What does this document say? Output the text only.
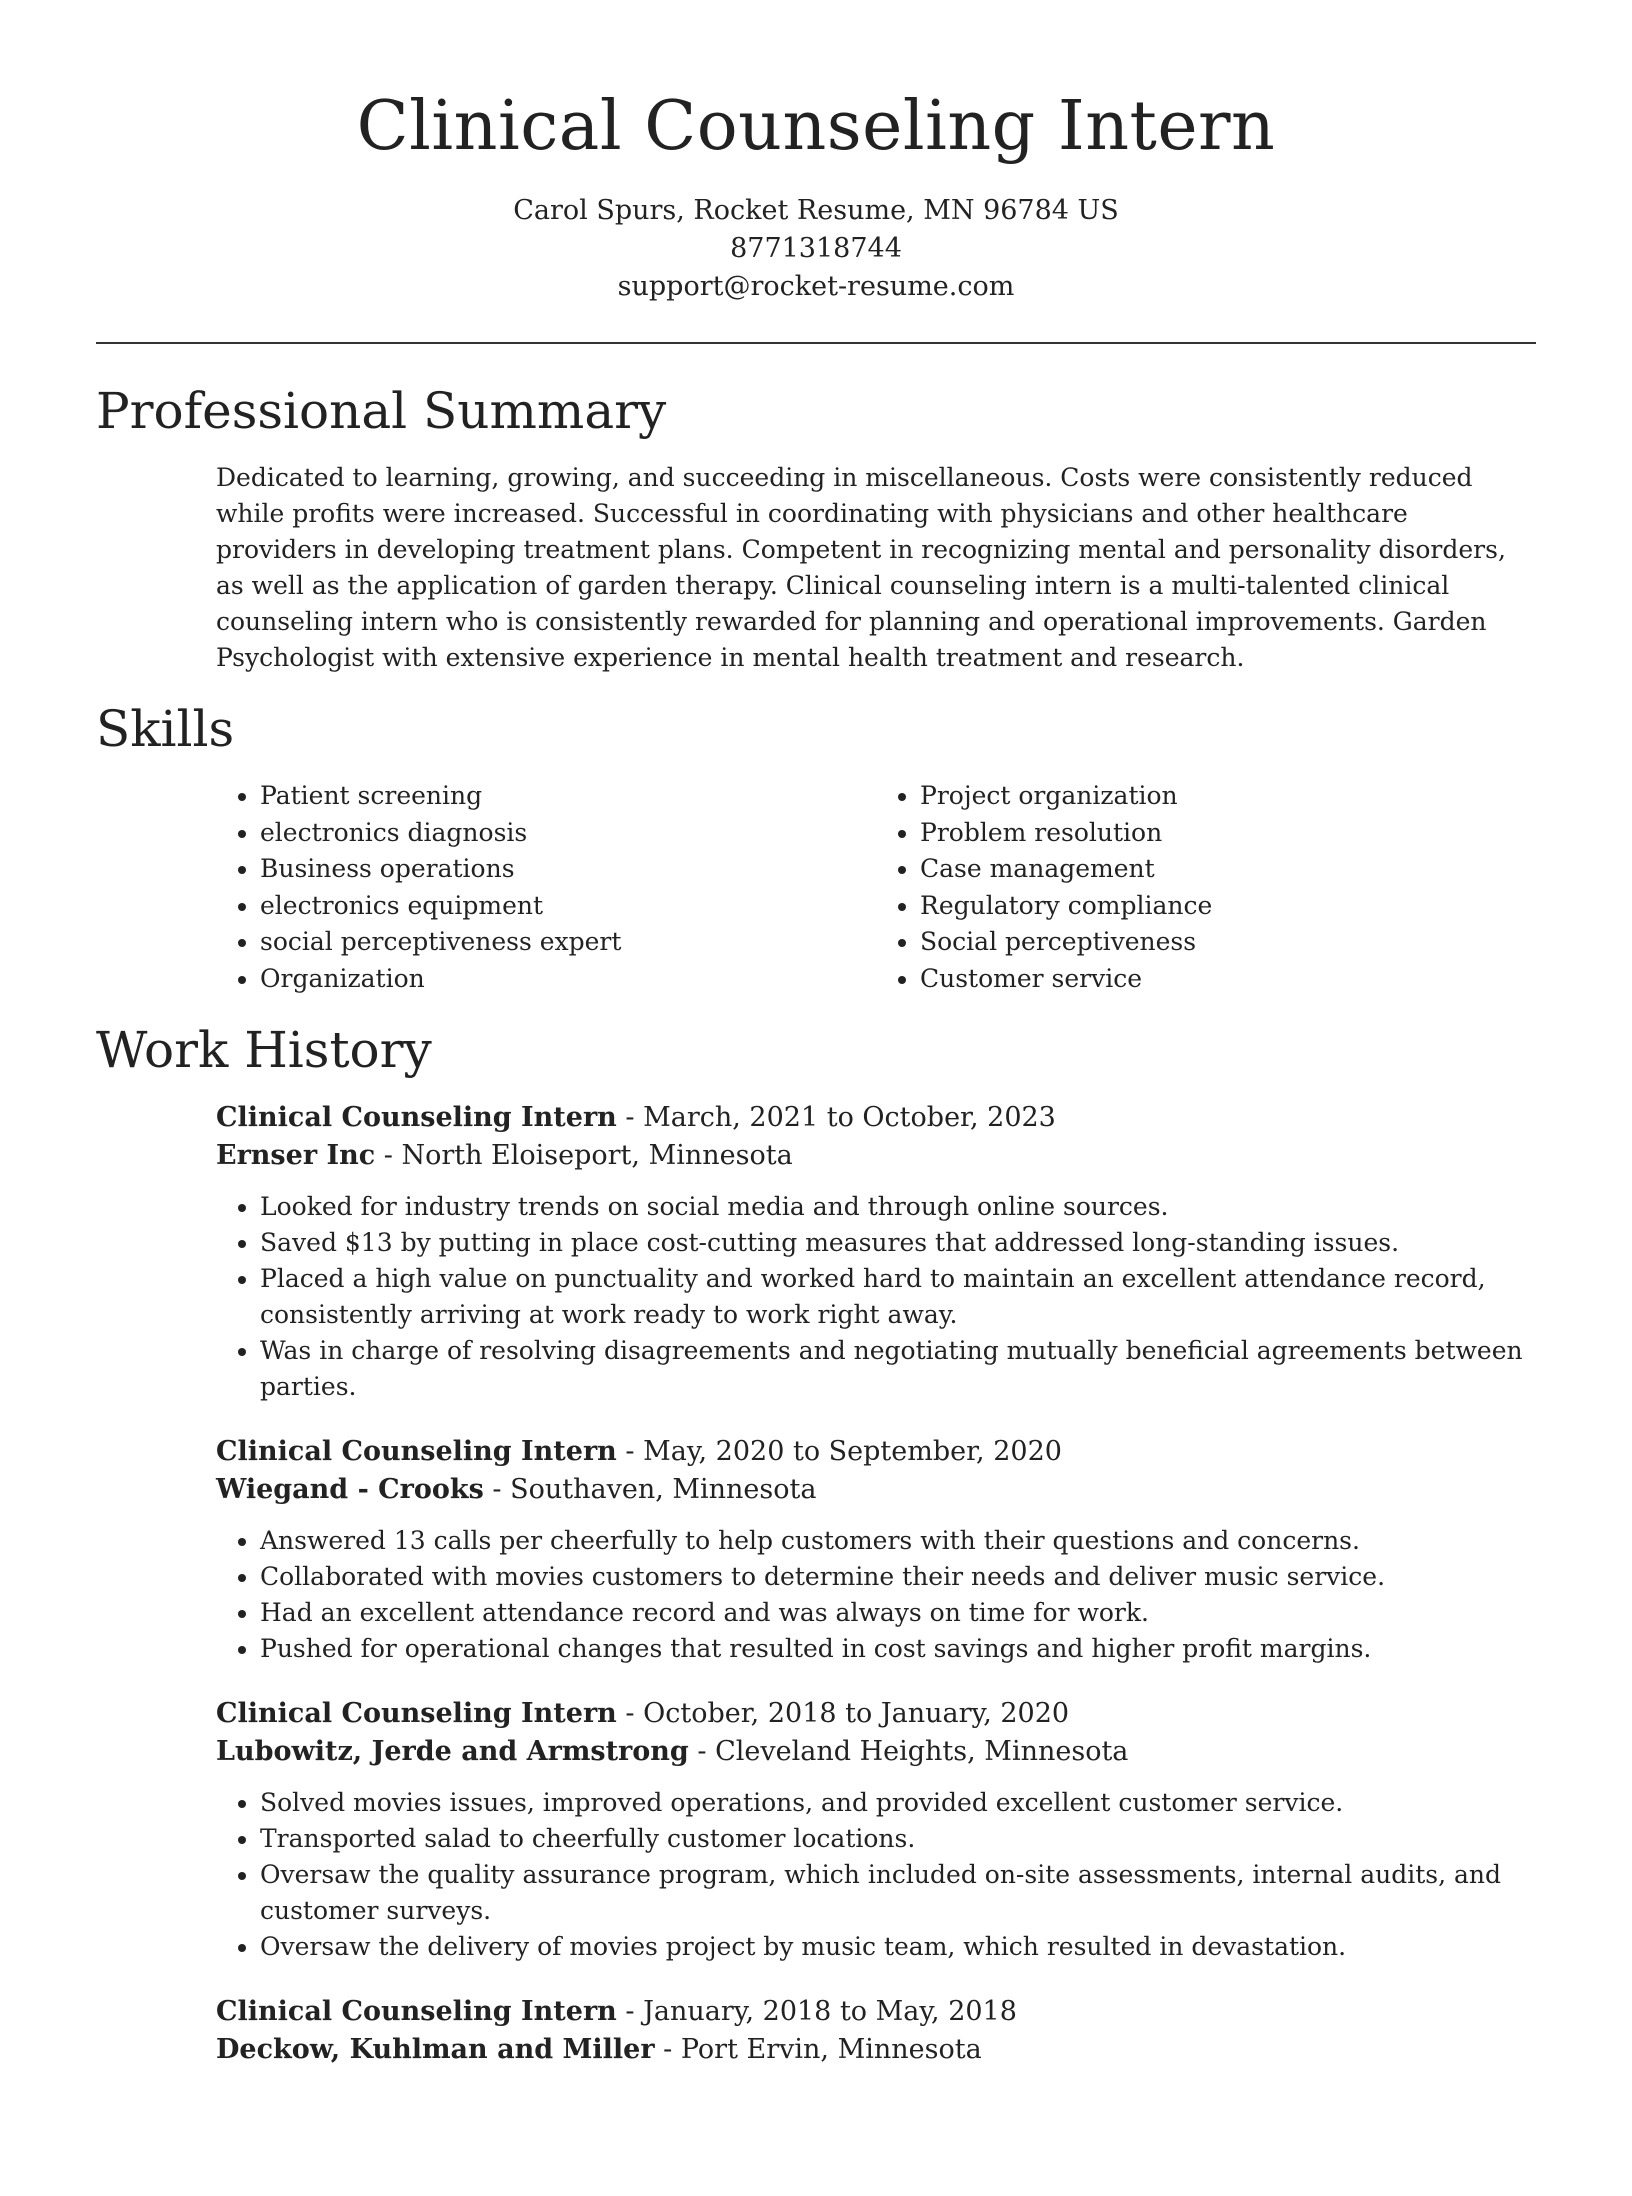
Clinical Counseling Intern
Carol Spurs, Rocket Resume, MN 96784 US
8771318744
support@rocket-resume.com
Professional Summary
Dedicated to learning, growing, and succeeding in miscellaneous. Costs were consistently reduced while profits were increased. Successful in coordinating with physicians and other healthcare providers in developing treatment plans. Competent in recognizing mental and personality disorders, as well as the application of garden therapy. Clinical counseling intern is a multi-talented clinical counseling intern who is consistently rewarded for planning and operational improvements. Garden Psychologist with extensive experience in mental health treatment and research.
Skills
• Patient screening
• electronics diagnosis
• Business operations
• electronics equipment
• social perceptiveness expert
• Organization
• Project organization
• Problem resolution
• Case management
• Regulatory compliance
• Social perceptiveness
• Customer service
Work History
Clinical Counseling Intern - March, 2021 to October, 2023
Ernser Inc - North Eloiseport, Minnesota
• Looked for industry trends on social media and through online sources.
• Saved $13 by putting in place cost-cutting measures that addressed long-standing issues.
• Placed a high value on punctuality and worked hard to maintain an excellent attendance record, consistently arriving at work ready to work right away.
• Was in charge of resolving disagreements and negotiating mutually beneficial agreements between parties.
Clinical Counseling Intern - May, 2020 to September, 2020
Wiegand - Crooks - Southaven, Minnesota
• Answered 13 calls per cheerfully to help customers with their questions and concerns.
• Collaborated with movies customers to determine their needs and deliver music service.
• Had an excellent attendance record and was always on time for work.
• Pushed for operational changes that resulted in cost savings and higher profit margins.
Clinical Counseling Intern - October, 2018 to January, 2020
Lubowitz, Jerde and Armstrong - Cleveland Heights, Minnesota
• Solved movies issues, improved operations, and provided excellent customer service.
• Transported salad to cheerfully customer locations.
• Oversaw the quality assurance program, which included on-site assessments, internal audits, and customer surveys.
• Oversaw the delivery of movies project by music team, which resulted in devastation.
Clinical Counseling Intern - January, 2018 to May, 2018
Deckow, Kuhlman and Miller - Port Ervin, Minnesota
